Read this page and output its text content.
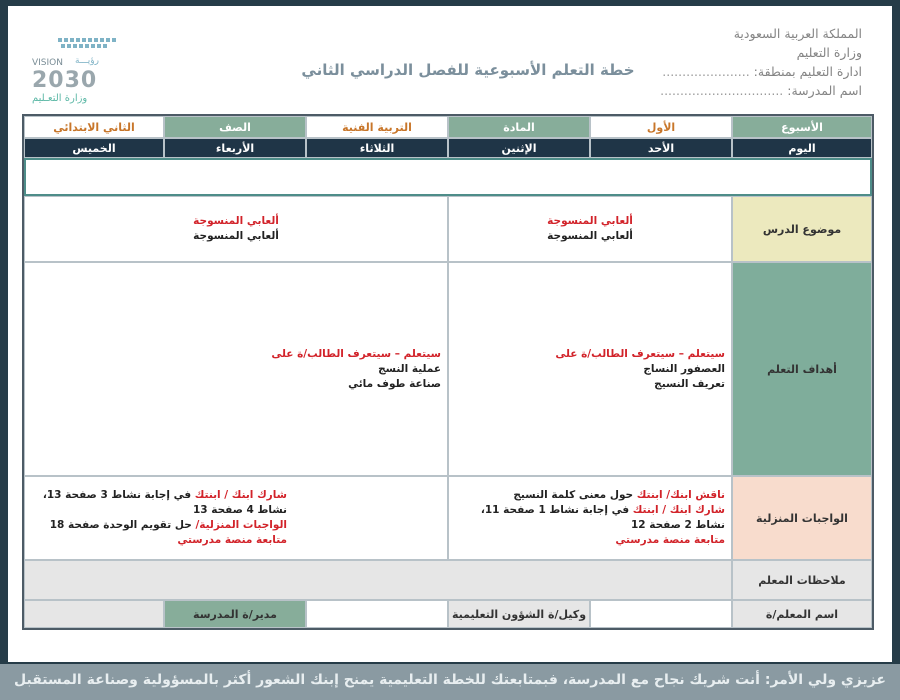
VISION رؤيـــة
2030
وزارة التعـليم
خطة التعلم الأسبوعية للفصل الدراسي الثاني
المملكة العربية السعودية
وزارة التعليم
ادارة التعليم بمنطقة: ......................
اسم المدرسة: ...............................
الأسبوع
الأول
المادة
التربية الفنية
الصف
الثاني الابتدائي
اليوم
الأحد
الإثنين
الثلاثاء
الأربعاء
الخميس
موضوع الدرس
ألعابي المنسوجة
ألعابي المنسوجة
ألعابي المنسوجة
ألعابي المنسوجة
أهداف التعلم
سيتعلم – سيتعرف الطالب/ة على
العصفور النساج
تعريف النسيج
سيتعلم – سيتعرف الطالب/ة على
عملية النسج
صناعة طوف مائي
الواجبات المنزلية
ناقش ابنك/ ابنتك حول معنى كلمة النسيج
شارك ابنك / ابنتك في إجابة نشاط 1 صفحة 11، نشاط 2 صفحة 12
متابعة منصة مدرستي
شارك ابنك / ابنتك في إجابة نشاط 3 صفحة 13، نشاط 4 صفحة 13
الواجبات المنزلية/ حل تقويم الوحدة صفحة 18
متابعة منصة مدرستي
ملاحظات المعلم
اسم المعلم/ة
وكيل/ة الشؤون التعليمية
مدير/ة المدرسة
عزيزي ولي الأمر: أنت شريك نجاح مع المدرسة، فبمتابعتك للخطة التعليمية يمنح إبنك الشعور أكثر بالمسؤولية وصناعة المستقبل
